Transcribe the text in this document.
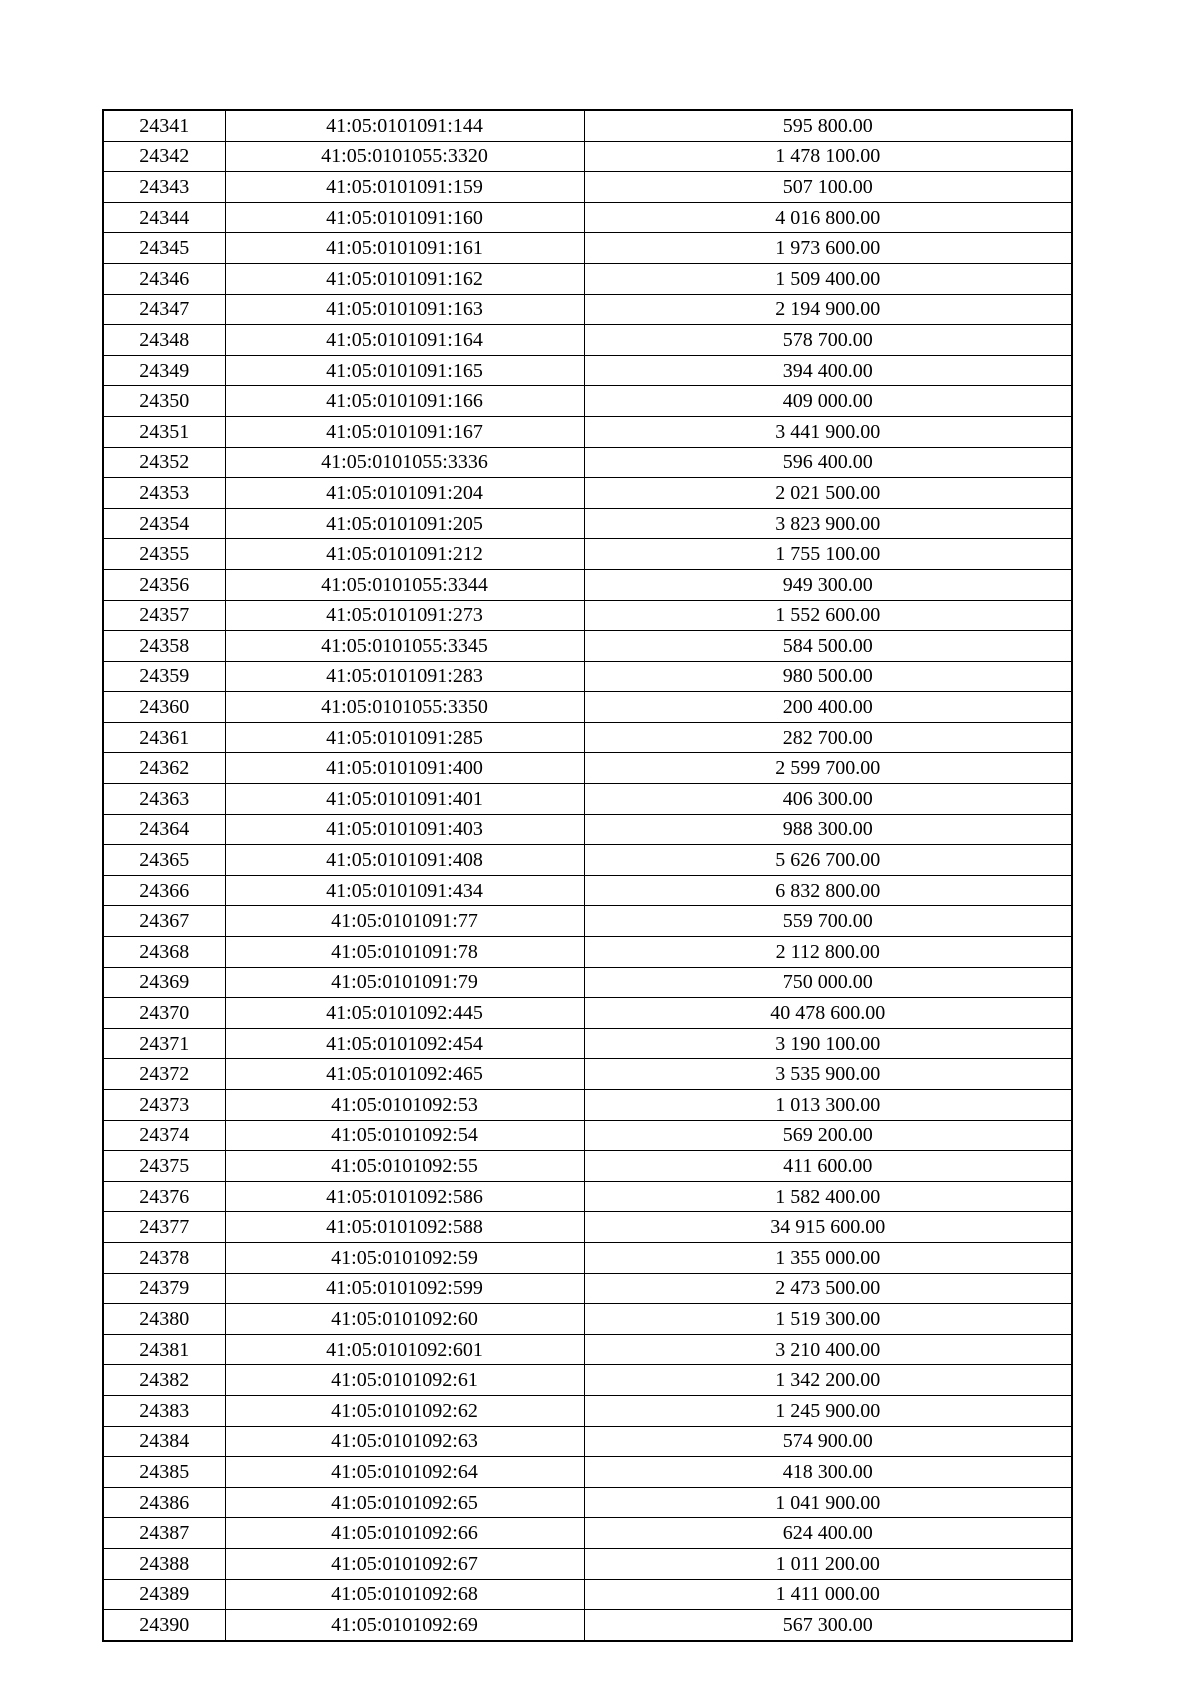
24341	41:05:0101091:144	595 800.00
24342	41:05:0101055:3320	1 478 100.00
24343	41:05:0101091:159	507 100.00
24344	41:05:0101091:160	4 016 800.00
24345	41:05:0101091:161	1 973 600.00
24346	41:05:0101091:162	1 509 400.00
24347	41:05:0101091:163	2 194 900.00
24348	41:05:0101091:164	578 700.00
24349	41:05:0101091:165	394 400.00
24350	41:05:0101091:166	409 000.00
24351	41:05:0101091:167	3 441 900.00
24352	41:05:0101055:3336	596 400.00
24353	41:05:0101091:204	2 021 500.00
24354	41:05:0101091:205	3 823 900.00
24355	41:05:0101091:212	1 755 100.00
24356	41:05:0101055:3344	949 300.00
24357	41:05:0101091:273	1 552 600.00
24358	41:05:0101055:3345	584 500.00
24359	41:05:0101091:283	980 500.00
24360	41:05:0101055:3350	200 400.00
24361	41:05:0101091:285	282 700.00
24362	41:05:0101091:400	2 599 700.00
24363	41:05:0101091:401	406 300.00
24364	41:05:0101091:403	988 300.00
24365	41:05:0101091:408	5 626 700.00
24366	41:05:0101091:434	6 832 800.00
24367	41:05:0101091:77	559 700.00
24368	41:05:0101091:78	2 112 800.00
24369	41:05:0101091:79	750 000.00
24370	41:05:0101092:445	40 478 600.00
24371	41:05:0101092:454	3 190 100.00
24372	41:05:0101092:465	3 535 900.00
24373	41:05:0101092:53	1 013 300.00
24374	41:05:0101092:54	569 200.00
24375	41:05:0101092:55	411 600.00
24376	41:05:0101092:586	1 582 400.00
24377	41:05:0101092:588	34 915 600.00
24378	41:05:0101092:59	1 355 000.00
24379	41:05:0101092:599	2 473 500.00
24380	41:05:0101092:60	1 519 300.00
24381	41:05:0101092:601	3 210 400.00
24382	41:05:0101092:61	1 342 200.00
24383	41:05:0101092:62	1 245 900.00
24384	41:05:0101092:63	574 900.00
24385	41:05:0101092:64	418 300.00
24386	41:05:0101092:65	1 041 900.00
24387	41:05:0101092:66	624 400.00
24388	41:05:0101092:67	1 011 200.00
24389	41:05:0101092:68	1 411 000.00
24390	41:05:0101092:69	567 300.00
